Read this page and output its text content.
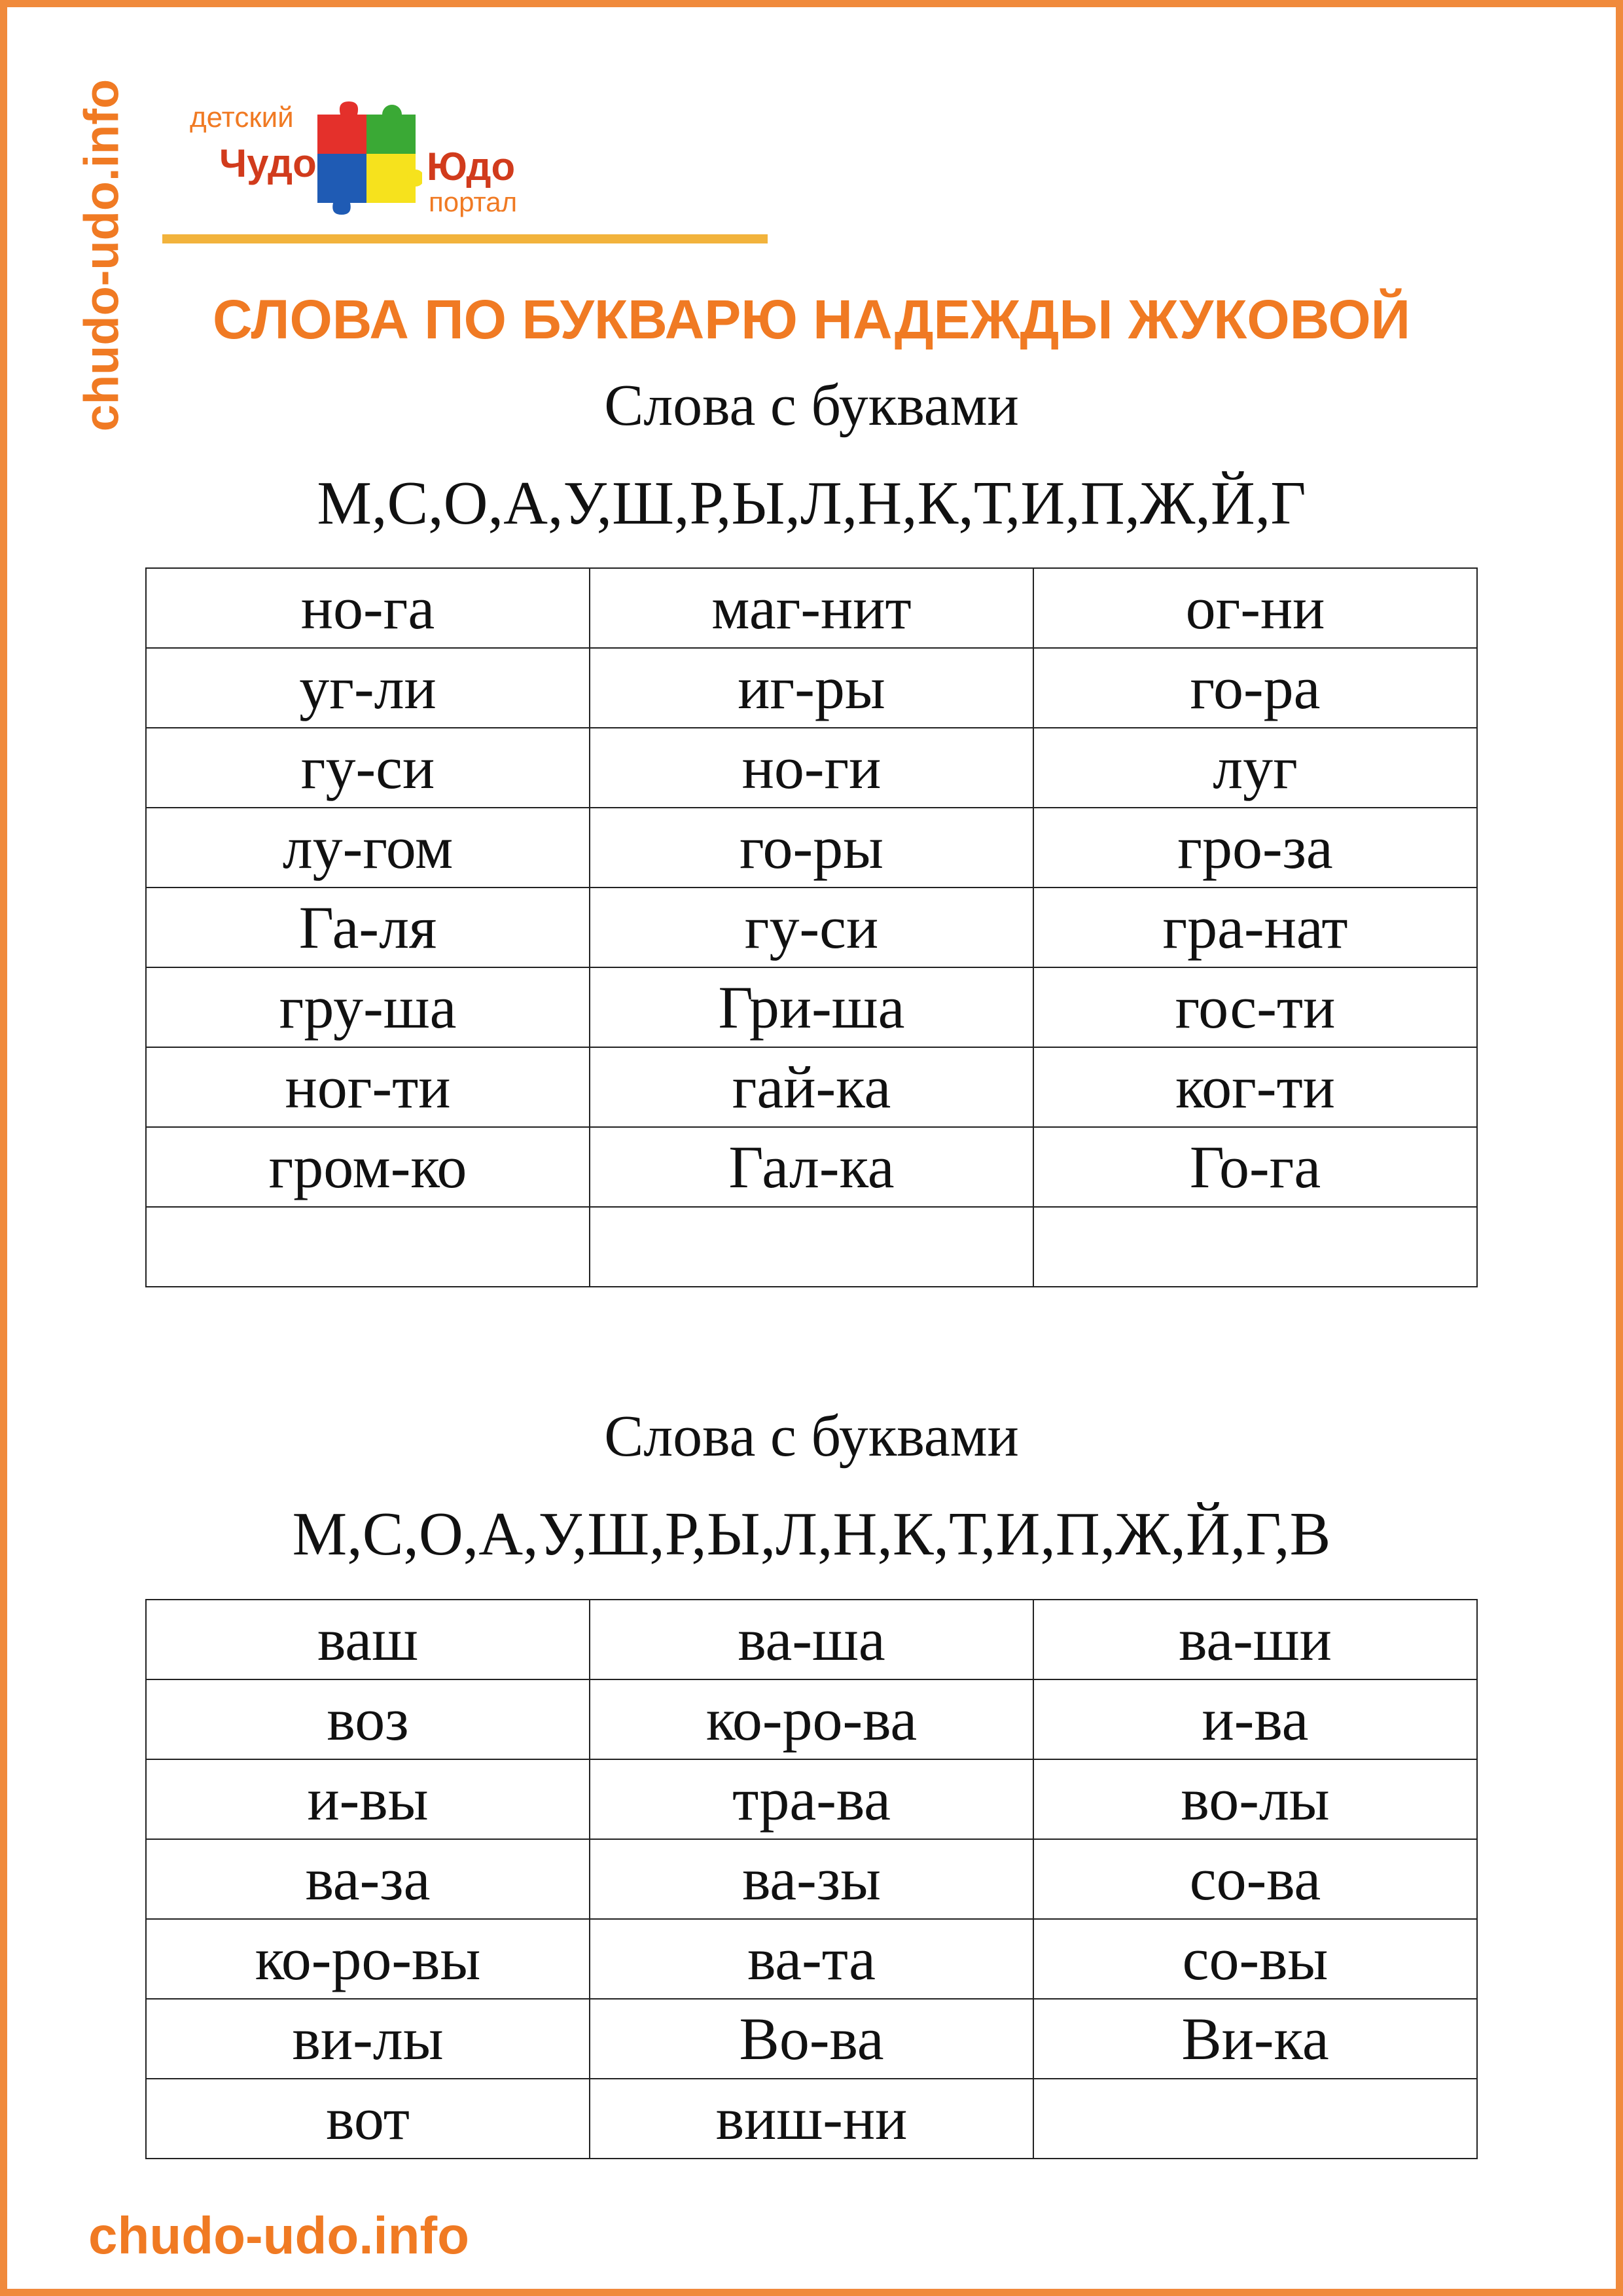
chudo-udo.info детский
Чудо	Юдо
портал
СЛОВА ПО БУКВАРЮ НАДЕЖДЫ ЖУКОВОЙ
Слова с буквами
М,С,О,А,У,Ш,Р,Ы,Л,Н,К,Т,И,П,Ж,Й,Г
но-га	маг-нит	ог-ни
уг-ли	иг-ры	го-ра
гу-си	но-ги	луг
лу-гом	го-ры	гро-за
Га-ля	гу-си	гра-нат
гру-ша	Гри-ша	гос-ти
ног-ти	гай-ка	ког-ти
гром-ко	Гал-ка	Го-га

Слова с буквами
М,С,О,А,У,Ш,Р,Ы,Л,Н,К,Т,И,П,Ж,Й,Г,В
ваш	ва-ша	ва-ши
воз	ко-ро-ва	и-ва
и-вы	тра-ва	во-лы
ва-за	ва-зы	со-ва
ко-ро-вы	ва-та	со-вы
ви-лы	Во-ва	Ви-ка
вот	виш-ни	
chudo-udo.info
